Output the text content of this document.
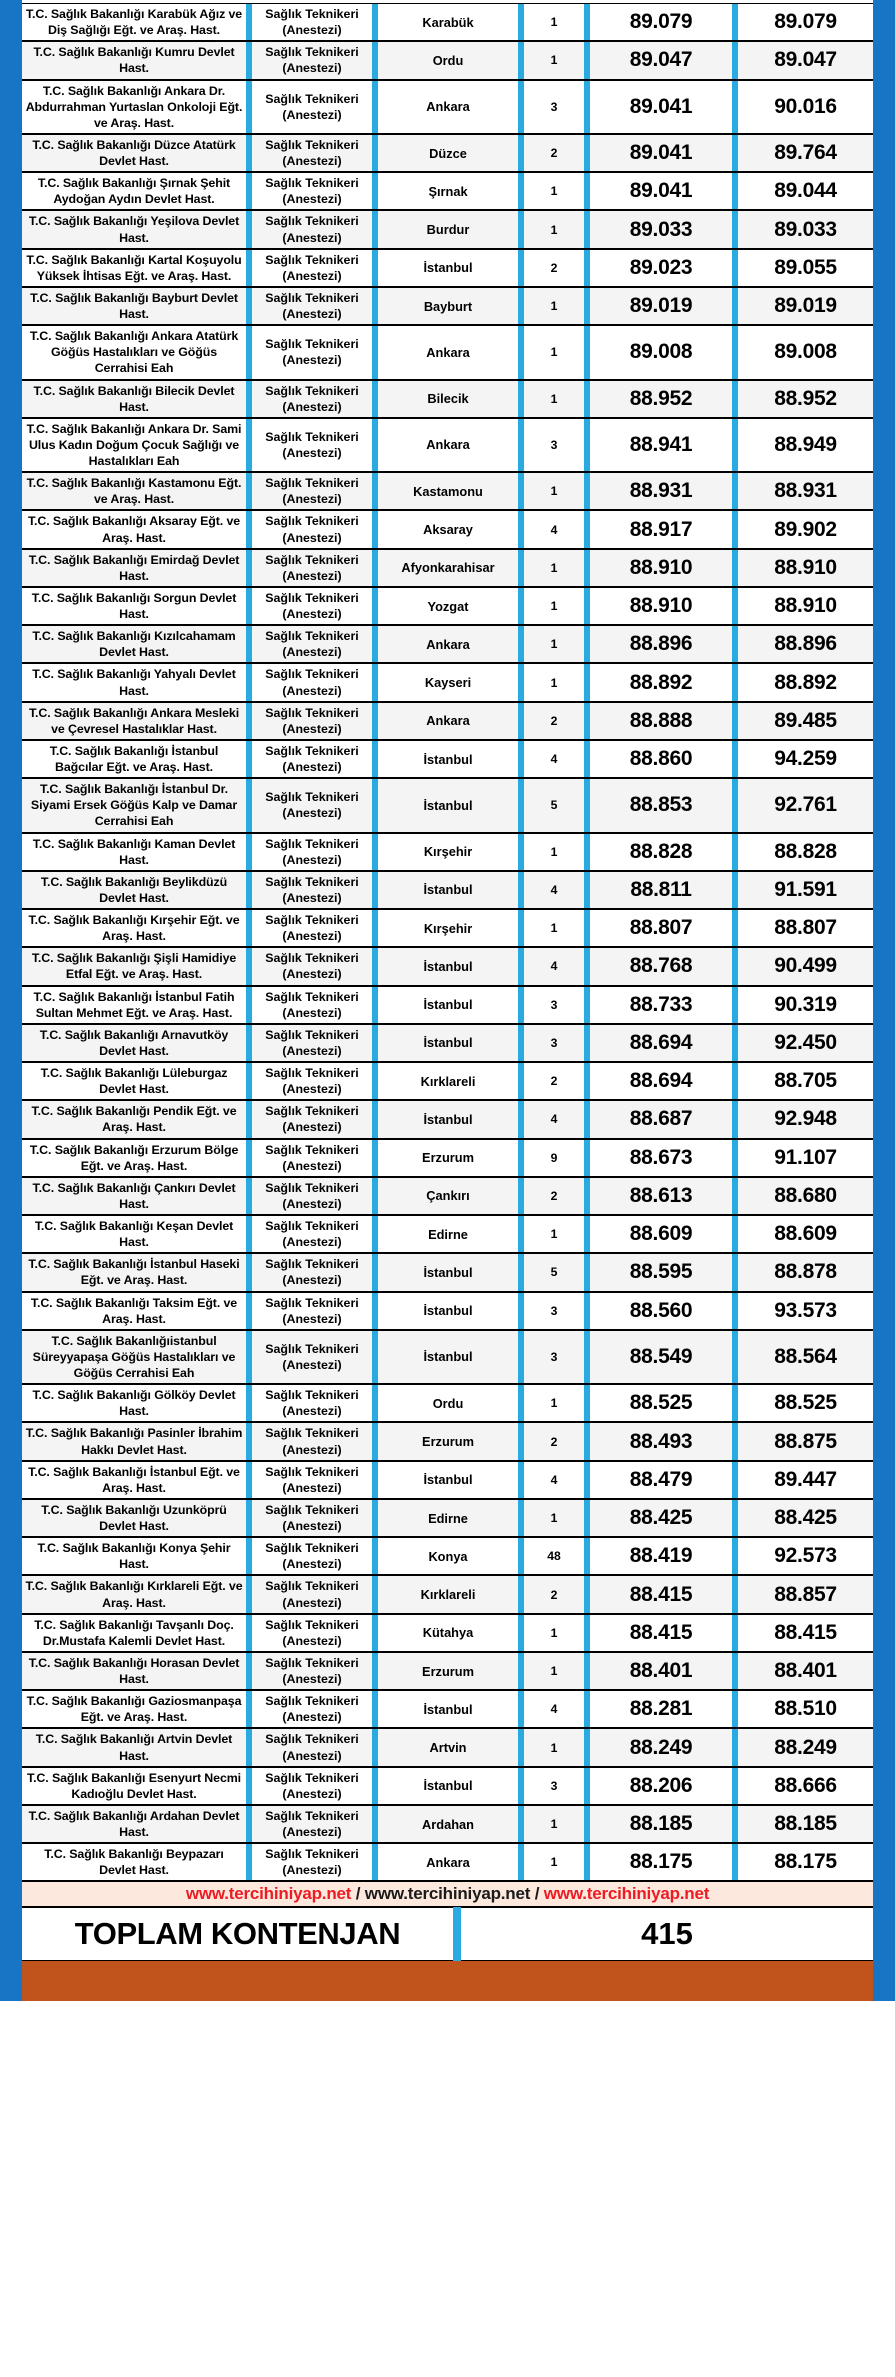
T.C. Sağlık Bakanlığı Karabük Ağız ve Diş Sağlığı Eğt. ve Araş. Hast.		Sağlık Teknikeri (Anestezi)		Karabük		1		89.079		89.079
T.C. Sağlık Bakanlığı Kumru Devlet Hast.		Sağlık Teknikeri (Anestezi)		Ordu		1		89.047		89.047
T.C. Sağlık Bakanlığı Ankara Dr. Abdurrahman Yurtaslan Onkoloji Eğt. ve Araş. Hast.		Sağlık Teknikeri (Anestezi)		Ankara		3		89.041		90.016
T.C. Sağlık Bakanlığı Düzce Atatürk Devlet Hast.		Sağlık Teknikeri (Anestezi)		Düzce		2		89.041		89.764
T.C. Sağlık Bakanlığı Şırnak Şehit Aydoğan Aydın Devlet Hast.		Sağlık Teknikeri (Anestezi)		Şırnak		1		89.041		89.044
T.C. Sağlık Bakanlığı Yeşilova Devlet Hast.		Sağlık Teknikeri (Anestezi)		Burdur		1		89.033		89.033
T.C. Sağlık Bakanlığı Kartal Koşuyolu Yüksek İhtisas Eğt. ve Araş. Hast.		Sağlık Teknikeri (Anestezi)		İstanbul		2		89.023		89.055
T.C. Sağlık Bakanlığı Bayburt Devlet Hast.		Sağlık Teknikeri (Anestezi)		Bayburt		1		89.019		89.019
T.C. Sağlık Bakanlığı Ankara Atatürk Göğüs Hastalıkları ve Göğüs Cerrahisi Eah		Sağlık Teknikeri (Anestezi)		Ankara		1		89.008		89.008
T.C. Sağlık Bakanlığı Bilecik Devlet Hast.		Sağlık Teknikeri (Anestezi)		Bilecik		1		88.952		88.952
T.C. Sağlık Bakanlığı Ankara Dr. Sami Ulus Kadın Doğum Çocuk Sağlığı ve Hastalıkları Eah		Sağlık Teknikeri (Anestezi)		Ankara		3		88.941		88.949
T.C. Sağlık Bakanlığı Kastamonu Eğt. ve Araş. Hast.		Sağlık Teknikeri (Anestezi)		Kastamonu		1		88.931		88.931
T.C. Sağlık Bakanlığı Aksaray Eğt. ve Araş. Hast.		Sağlık Teknikeri (Anestezi)		Aksaray		4		88.917		89.902
T.C. Sağlık Bakanlığı Emirdağ Devlet Hast.		Sağlık Teknikeri (Anestezi)		Afyonkarahisar		1		88.910		88.910
T.C. Sağlık Bakanlığı Sorgun Devlet Hast.		Sağlık Teknikeri (Anestezi)		Yozgat		1		88.910		88.910
T.C. Sağlık Bakanlığı Kızılcahamam Devlet Hast.		Sağlık Teknikeri (Anestezi)		Ankara		1		88.896		88.896
T.C. Sağlık Bakanlığı Yahyalı Devlet Hast.		Sağlık Teknikeri (Anestezi)		Kayseri		1		88.892		88.892
T.C. Sağlık Bakanlığı Ankara Mesleki ve Çevresel Hastalıklar Hast.		Sağlık Teknikeri (Anestezi)		Ankara		2		88.888		89.485
T.C. Sağlık Bakanlığı İstanbul Bağcılar Eğt. ve Araş. Hast.		Sağlık Teknikeri (Anestezi)		İstanbul		4		88.860		94.259
T.C. Sağlık Bakanlığı İstanbul Dr. Siyami Ersek Göğüs Kalp ve Damar Cerrahisi Eah		Sağlık Teknikeri (Anestezi)		İstanbul		5		88.853		92.761
T.C. Sağlık Bakanlığı Kaman Devlet Hast.		Sağlık Teknikeri (Anestezi)		Kırşehir		1		88.828		88.828
T.C. Sağlık Bakanlığı Beylikdüzü Devlet Hast.		Sağlık Teknikeri (Anestezi)		İstanbul		4		88.811		91.591
T.C. Sağlık Bakanlığı Kırşehir Eğt. ve Araş. Hast.		Sağlık Teknikeri (Anestezi)		Kırşehir		1		88.807		88.807
T.C. Sağlık Bakanlığı Şişli Hamidiye Etfal Eğt. ve Araş. Hast.		Sağlık Teknikeri (Anestezi)		İstanbul		4		88.768		90.499
T.C. Sağlık Bakanlığı İstanbul Fatih Sultan Mehmet Eğt. ve Araş. Hast.		Sağlık Teknikeri (Anestezi)		İstanbul		3		88.733		90.319
T.C. Sağlık Bakanlığı Arnavutköy Devlet Hast.		Sağlık Teknikeri (Anestezi)		İstanbul		3		88.694		92.450
T.C. Sağlık Bakanlığı Lüleburgaz Devlet Hast.		Sağlık Teknikeri (Anestezi)		Kırklareli		2		88.694		88.705
T.C. Sağlık Bakanlığı Pendik Eğt. ve Araş. Hast.		Sağlık Teknikeri (Anestezi)		İstanbul		4		88.687		92.948
T.C. Sağlık Bakanlığı Erzurum Bölge Eğt. ve Araş. Hast.		Sağlık Teknikeri (Anestezi)		Erzurum		9		88.673		91.107
T.C. Sağlık Bakanlığı Çankırı Devlet Hast.		Sağlık Teknikeri (Anestezi)		Çankırı		2		88.613		88.680
T.C. Sağlık Bakanlığı Keşan Devlet Hast.		Sağlık Teknikeri (Anestezi)		Edirne		1		88.609		88.609
T.C. Sağlık Bakanlığı İstanbul Haseki Eğt. ve Araş. Hast.		Sağlık Teknikeri (Anestezi)		İstanbul		5		88.595		88.878
T.C. Sağlık Bakanlığı Taksim Eğt. ve Araş. Hast.		Sağlık Teknikeri (Anestezi)		İstanbul		3		88.560		93.573
T.C. Sağlık Bakanlığıistanbul Süreyyapaşa Göğüs Hastalıkları ve Göğüs Cerrahisi Eah		Sağlık Teknikeri (Anestezi)		İstanbul		3		88.549		88.564
T.C. Sağlık Bakanlığı Gölköy Devlet Hast.		Sağlık Teknikeri (Anestezi)		Ordu		1		88.525		88.525
T.C. Sağlık Bakanlığı Pasinler İbrahim Hakkı Devlet Hast.		Sağlık Teknikeri (Anestezi)		Erzurum		2		88.493		88.875
T.C. Sağlık Bakanlığı İstanbul Eğt. ve Araş. Hast.		Sağlık Teknikeri (Anestezi)		İstanbul		4		88.479		89.447
T.C. Sağlık Bakanlığı Uzunköprü Devlet Hast.		Sağlık Teknikeri (Anestezi)		Edirne		1		88.425		88.425
T.C. Sağlık Bakanlığı Konya Şehir Hast.		Sağlık Teknikeri (Anestezi)		Konya		48		88.419		92.573
T.C. Sağlık Bakanlığı Kırklareli Eğt. ve Araş. Hast.		Sağlık Teknikeri (Anestezi)		Kırklareli		2		88.415		88.857
T.C. Sağlık Bakanlığı Tavşanlı Doç. Dr.Mustafa Kalemli Devlet Hast.		Sağlık Teknikeri (Anestezi)		Kütahya		1		88.415		88.415
T.C. Sağlık Bakanlığı Horasan Devlet Hast.		Sağlık Teknikeri (Anestezi)		Erzurum		1		88.401		88.401
T.C. Sağlık Bakanlığı Gaziosmanpaşa Eğt. ve Araş. Hast.		Sağlık Teknikeri (Anestezi)		İstanbul		4		88.281		88.510
T.C. Sağlık Bakanlığı Artvin Devlet Hast.		Sağlık Teknikeri (Anestezi)		Artvin		1		88.249		88.249
T.C. Sağlık Bakanlığı Esenyurt Necmi Kadıoğlu Devlet Hast.		Sağlık Teknikeri (Anestezi)		İstanbul		3		88.206		88.666
T.C. Sağlık Bakanlığı Ardahan Devlet Hast.		Sağlık Teknikeri (Anestezi)		Ardahan		1		88.185		88.185
T.C. Sağlık Bakanlığı Beypazarı Devlet Hast.		Sağlık Teknikeri (Anestezi)		Ankara		1		88.175		88.175
www.tercihiniyap.net / www.tercihiniyap.net / www.tercihiniyap.net
TOPLAM KONTENJAN		415
